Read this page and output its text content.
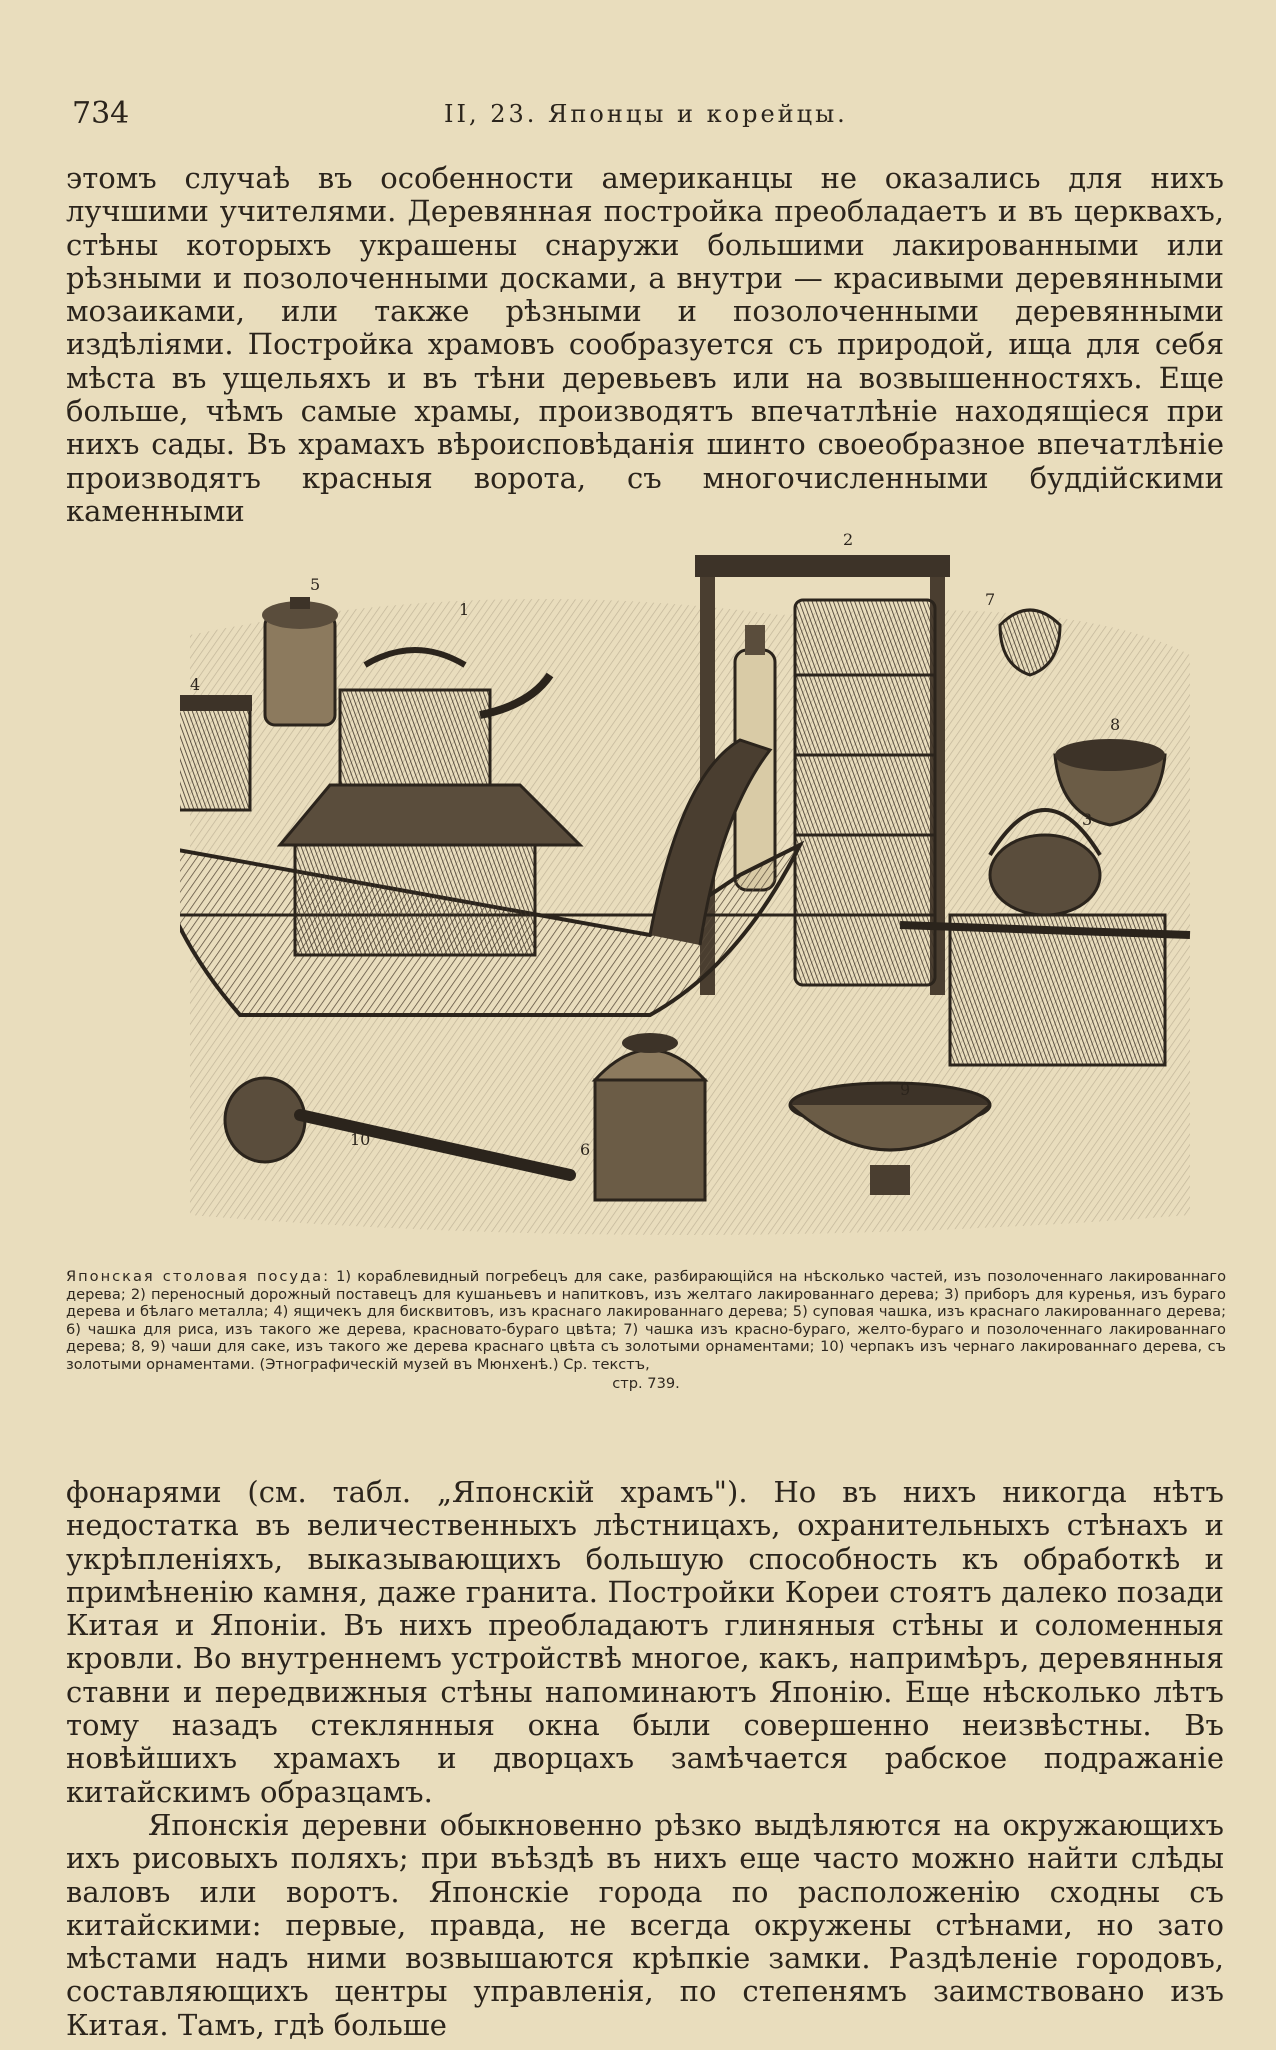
734	II, 23. Японцы и корейцы.

этомъ случаѣ въ особенности американцы не оказались для нихъ лучшими учителями. Деревянная постройка преобладаетъ и въ церквахъ, стѣны которыхъ украшены снаружи большими лакированными или рѣзными и позолоченными досками, а внутри — красивыми деревянными мозаиками, или также рѣзными и позолоченными деревянными издѣліями. Постройка храмовъ сообразуется съ природой, ища для себя мѣста въ ущельяхъ и въ тѣни деревьевъ или на возвышенностяхъ. Еще больше, чѣмъ самые храмы, производятъ впечатлѣніе находящіеся при нихъ сады. Въ храмахъ вѣроисповѣданія шинто своеобразное впечатлѣніе производятъ красныя ворота, съ многочисленными буддійскими каменными

1
2
3
4
5
6
7
8
9
10

Японская столовая посуда: 1) кораблевидный погребецъ для саке, разбирающійся на нѣсколько частей, изъ позолоченнаго лакированнаго дерева; 2) переносный дорожный поставецъ для кушаньевъ и напитковъ, изъ желтаго лакированнаго дерева; 3) приборъ для куренья, изъ бураго дерева и бѣлаго металла; 4) ящичекъ для бисквитовъ, изъ краснаго лакированнаго дерева; 5) суповая чашка, изъ краснаго лакированнаго дерева; 6) чашка для риса, изъ такого же дерева, красновато-бураго цвѣта; 7) чашка изъ красно-бураго, желто-бураго и позолоченнаго лакированнаго дерева; 8, 9) чаши для саке, изъ такого же дерева краснаго цвѣта съ золотыми орнаментами; 10) черпакъ изъ чернаго лакированнаго дерева, съ золотыми орнаментами. (Этнографическій музей въ Мюнхенѣ.) Ср. текстъ,
стр. 739.

фонарями (см. табл. „Японскій храмъ"). Но въ нихъ никогда нѣтъ недостатка въ величественныхъ лѣстницахъ, охранительныхъ стѣнахъ и укрѣпленіяхъ, выказывающихъ большую способность къ обработкѣ и примѣненію камня, даже гранита. Постройки Кореи стоятъ далеко позади Китая и Японіи. Въ нихъ преобладаютъ глиняныя стѣны и соломенныя кровли. Во внутреннемъ устройствѣ многое, какъ, напримѣръ, деревянныя ставни и передвижныя стѣны напоминаютъ Японію. Еще нѣсколько лѣтъ тому назадъ стеклянныя окна были совершенно неизвѣстны. Въ новѣйшихъ храмахъ и дворцахъ замѣчается рабское подражаніе китайскимъ образцамъ.

Японскія деревни обыкновенно рѣзко выдѣляются на окружающихъ ихъ рисовыхъ поляхъ; при въѣздѣ въ нихъ еще часто можно найти слѣды валовъ или воротъ. Японскіе города по расположенію сходны съ китайскими: первые, правда, не всегда окружены стѣнами, но зато мѣстами надъ ними возвышаются крѣпкіе замки. Раздѣленіе городовъ, составляющихъ центры управленія, по степенямъ заимствовано изъ Китая. Тамъ, гдѣ больше
